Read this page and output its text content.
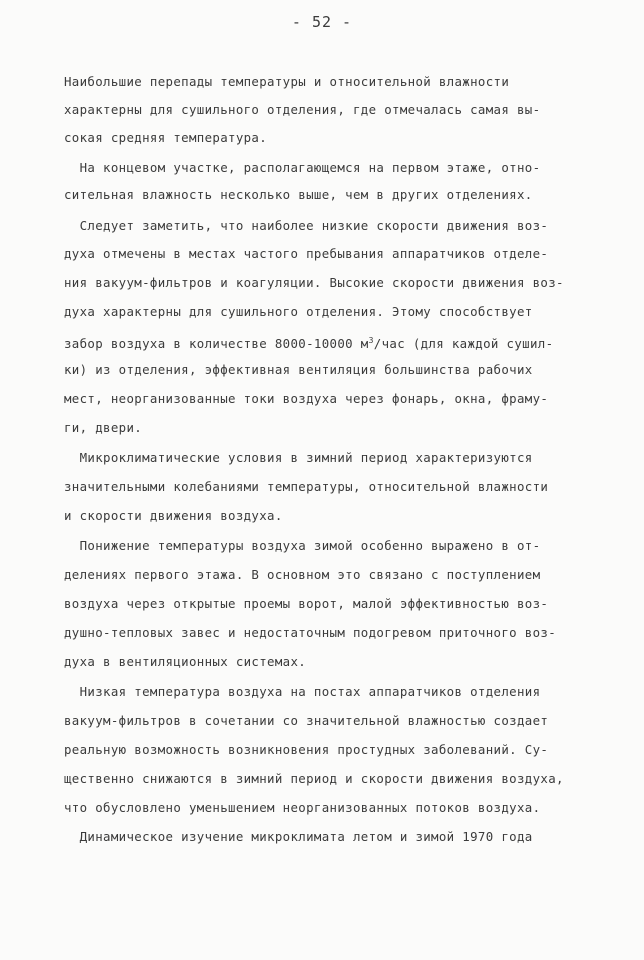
- 52 -
Наибольшие перепады температуры и относительной влажности
характерны для сушильного отделения, где отмечалась самая вы-
сокая средняя температура.
На концевом участке, располагающемся на первом этаже, отно-
сительная влажность несколько выше, чем в других отделениях.
Следует заметить, что наиболее низкие скорости движения воз-
духа отмечены в местах частого пребывания аппаратчиков отделе-
ния вакуум-фильтров и коагуляции. Высокие скорости движения воз-
духа характерны для сушильного отделения. Этому способствует
забор воздуха в количестве 8000-10000 $м^3$/час (для каждой сушил-
ки) из отделения, эффективная вентиляция большинства рабочих
мест, неорганизованные токи воздуха через фонарь, окна, фраму-
ги, двери.
Микроклиматические условия в зимний период характеризуются
значительными колебаниями температуры, относительной влажности
и скорости движения воздуха.
Понижение температуры воздуха зимой особенно выражено в от-
делениях первого этажа. В основном это связано с поступлением
воздуха через открытые проемы ворот, малой эффективностью воз-
душно-тепловых завес и недостаточным подогревом приточного воз-
духа в вентиляционных системах.
Низкая температура воздуха на постах аппаратчиков отделения
вакуум-фильтров в сочетании со значительной влажностью создает
реальную возможность возникновения простудных заболеваний. Су-
щественно снижаются в зимний период и скорости движения воздуха,
что обусловлено уменьшением неорганизованных потоков воздуха.
Динамическое изучение микроклимата летом и зимой 1970 года
